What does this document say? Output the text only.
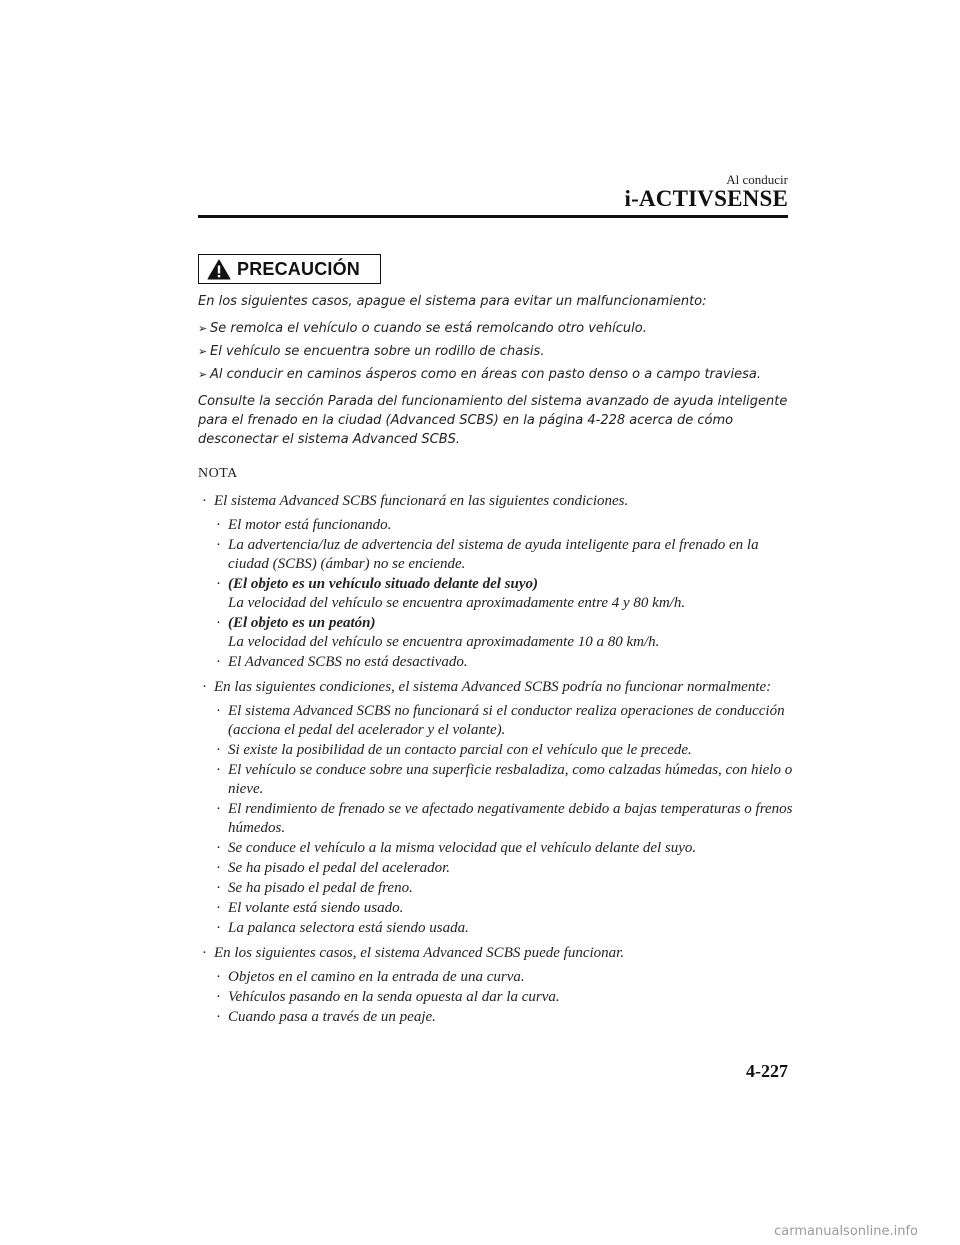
Al conducir
i-ACTIVSENSE
PRECAUCIÓN

En los siguientes casos, apague el sistema para evitar un malfuncionamiento:

➢ Se remolca el vehículo o cuando se está remolcando otro vehículo.
➢ El vehículo se encuentra sobre un rodillo de chasis.
➢ Al conducir en caminos ásperos como en áreas con pasto denso o a campo traviesa.

Consulte la sección Parada del funcionamiento del sistema avanzado de ayuda inteligente para el frenado en la ciudad (Advanced SCBS) en la página 4-228 acerca de cómo desconectar el sistema Advanced SCBS.

NOTA
· El sistema Advanced SCBS funcionará en las siguientes condiciones.
· El motor está funcionando.
· La advertencia/luz de advertencia del sistema de ayuda inteligente para el frenado en la ciudad (SCBS) (ámbar) no se enciende.
· (El objeto es un vehículo situado delante del suyo)
La velocidad del vehículo se encuentra aproximadamente entre 4 y 80 km/h.
· (El objeto es un peatón)
La velocidad del vehículo se encuentra aproximadamente 10 a 80 km/h.
· El Advanced SCBS no está desactivado.
· En las siguientes condiciones, el sistema Advanced SCBS podría no funcionar normalmente:
· El sistema Advanced SCBS no funcionará si el conductor realiza operaciones de conducción (acciona el pedal del acelerador y el volante).
· Si existe la posibilidad de un contacto parcial con el vehículo que le precede.
· El vehículo se conduce sobre una superficie resbaladiza, como calzadas húmedas, con hielo o nieve.
· El rendimiento de frenado se ve afectado negativamente debido a bajas temperaturas o frenos húmedos.
· Se conduce el vehículo a la misma velocidad que el vehículo delante del suyo.
· Se ha pisado el pedal del acelerador.
· Se ha pisado el pedal de freno.
· El volante está siendo usado.
· La palanca selectora está siendo usada.
· En los siguientes casos, el sistema Advanced SCBS puede funcionar.
· Objetos en el camino en la entrada de una curva.
· Vehículos pasando en la senda opuesta al dar la curva.
· Cuando pasa a través de un peaje.
4-227
carmanualsonline.info
